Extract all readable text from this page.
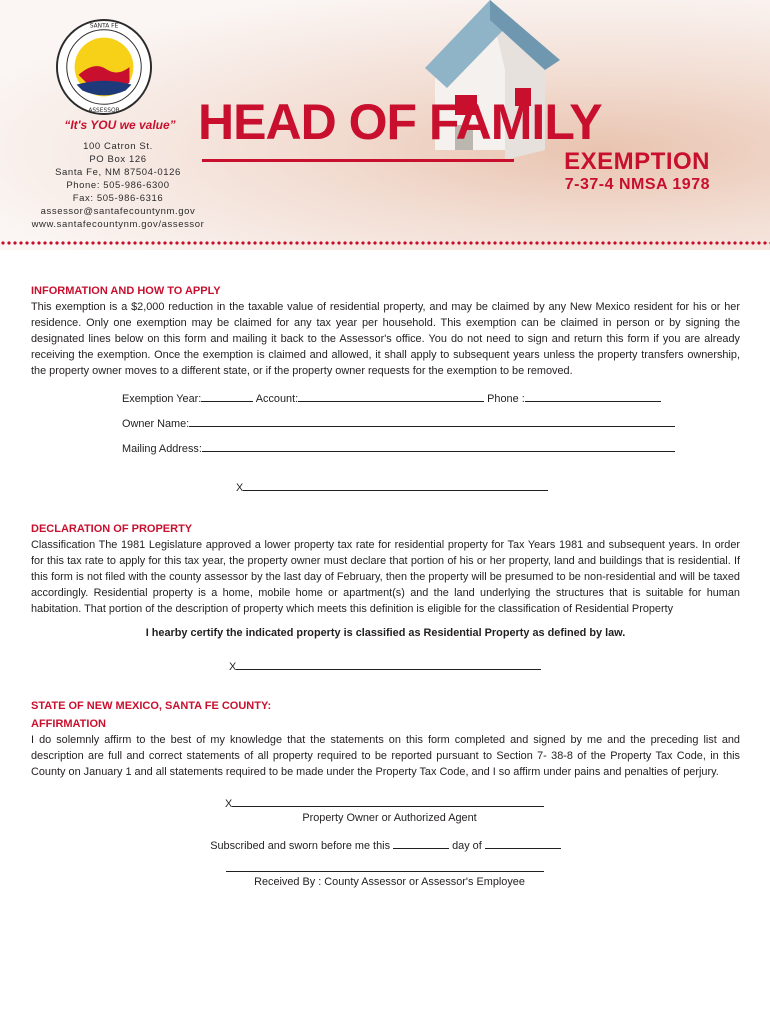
SANTA FE
ASSESSOR
“It's YOU we value”
100 Catron St.
PO Box 126
Santa Fe, NM 87504-0126
Phone: 505-986-6300
Fax: 505-986-6316
assessor@santafecountynm.gov
www.santafecountynm.gov/assessor
HEAD OF FAMILY
EXEMPTION
7-37-4 NMSA 1978
INFORMATION AND HOW TO APPLY

This exemption is a $2,000 reduction in the taxable value of residential property, and may be claimed by any New Mexico resident for his or her residence. Only one exemption may be claimed for any tax year per household. This exemption can be claimed in person or by signing the designated lines below on this form and mailing it back to the Assessor's office. You do not need to sign and return this form if you are already receiving the exemption. Once the exemption is claimed and allowed, it shall apply to subsequent years unless the property transfers ownership, the property owner moves to a different state, or if the property owner requests for the exemption to be removed.

Exemption Year:	Account:	Phone :
Owner Name:
Mailing Address:
X
DECLARATION OF PROPERTY

Classification The 1981 Legislature approved a lower property tax rate for residential property for Tax Years 1981 and subsequent years. In order for this tax rate to apply for this tax year, the property owner must declare that portion of his or her property, land and buildings that is residential. If this form is not filed with the county assessor by the last day of February, then the property will be presumed to be non-residential and will be taxed accordingly. Residential property is a home, mobile home or apartment(s) and the land underlying the structures that is suitable for human habitation. That portion of the description of property which meets this definition is eligible for the classification of Residential Property

I hearby certify the indicated property is classified as Residential Property as defined by law.
X
STATE OF NEW MEXICO, SANTA FE COUNTY:
AFFIRMATION

I do solemnly affirm to the best of my knowledge that the statements on this form completed and signed by me and the preceding list and description are full and correct statements of all property required to be reported pursuant to Section 7- 38-8 of the Property Tax Code, in this County on January 1 and all statements required to be made under the Property Tax Code, and I so affirm under pains and penalties of perjury.

X
Property Owner or Authorized Agent
Subscribed and sworn before me this	day of
Received By : County Assessor or Assessor's Employee
